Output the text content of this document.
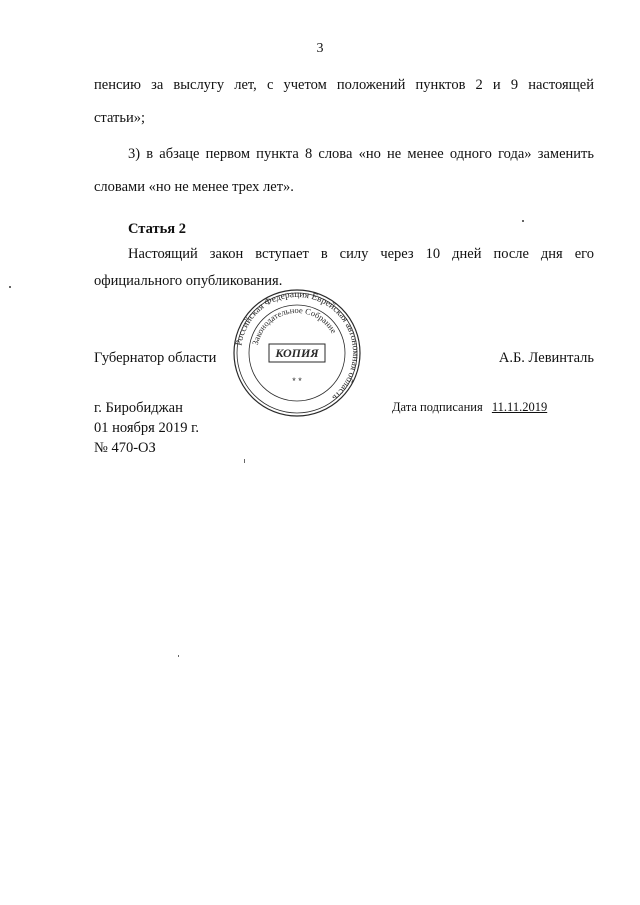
3
пенсию за выслугу лет, с учетом положений пунктов 2 и 9 настоящей
статьи»;
3) в абзаце первом пункта 8 слова «но не менее одного года» заменить
словами «но не менее трех лет».
Статья 2
Настоящий закон вступает в силу через 10 дней после дня его
официального опубликования.
Губернатор области	А.Б. Левинталь
Российская Федерация Еврейская автономная область
Законодательное Собрание
КОПИЯ
* *
г. Биробиджан
01 ноября 2019 г.
№ 470-ОЗ
Дата подписания 11.11.2019
